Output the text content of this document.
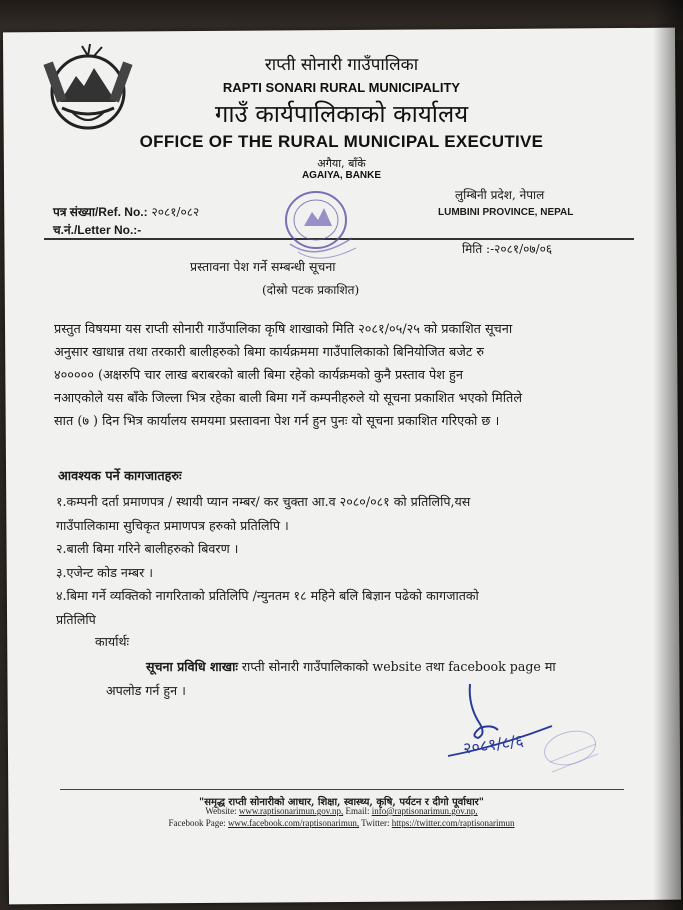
राप्ती सोनारी गाउँपालिका
RAPTI SONARI RURAL MUNICIPALITY
गाउँ कार्यपालिकाको कार्यालय
OFFICE OF THE RURAL MUNICIPAL EXECUTIVE
अगैया, बाँके
AGAIYA, BANKE
पत्र संख्या/Ref. No.: २०८१/०८२
च.नं./Letter No.:-
लुम्बिनी प्रदेश, नेपाल
LUMBINI PROVINCE, NEPAL
मिति :-२०८१/०७/०६
प्रस्तावना पेश गर्ने सम्बन्धी सूचना
(दोस्रो पटक प्रकाशित)
प्रस्तुत विषयमा यस राप्ती सोनारी गाउँपालिका कृषि शाखाको मिति २०८१/०५/२५ को प्रकाशित सूचना
अनुसार खाधान्न तथा तरकारी बालीहरुको बिमा कार्यक्रममा गाउँपालिकाको बिनियोजित बजेट रु
४००००० (अक्षरुपि चार लाख बराबरको बाली बिमा रहेको कार्यक्रमको कुनै प्रस्ताव पेश हुन
नआएकोले यस बाँके जिल्ला भित्र रहेका बाली बिमा गर्ने कम्पनीहरुले यो सूचना प्रकाशित भएको मितिले
सात (७ ) दिन भित्र कार्यालय समयमा प्रस्तावना पेश गर्न हुन पुनः यो सूचना प्रकाशित गरिएको छ ।
आवश्यक पर्ने कागजातहरुः
१.कम्पनी दर्ता प्रमाणपत्र / स्थायी प्यान नम्बर/ कर चुक्ता आ.व २०८०/०८१ को प्रतिलिपि,यस
गाउँपालिकामा सुचिकृत प्रमाणपत्र हरुको प्रतिलिपि ।
२.बाली बिमा गरिने बालीहरुको बिवरण ।
३.एजेन्ट कोड नम्बर ।
४.बिमा गर्ने व्यक्तिको नागरिताको प्रतिलिपि /न्युनतम १८ महिने बलि बिज्ञान पढेको कागजातको
प्रतिलिपि
कार्यार्थः
सूचना प्रविधि शाखाः राप्ती सोनारी गाउँपालिकाको website तथा facebook page मा
अपलोड गर्न हुन ।
२०८१/८/६
"समृद्ध राप्ती सोनारीको आधार, शिक्षा, स्वास्थ्य, कृषि, पर्यटन र दीगो पूर्वाधार"
Website: www.raptisonarimun.gov.np, Email: info@raptisonarimun.gov.np,
Facebook Page: www.facebook.com/raptisonarimun, Twitter: https://twitter.com/raptisonarimun
